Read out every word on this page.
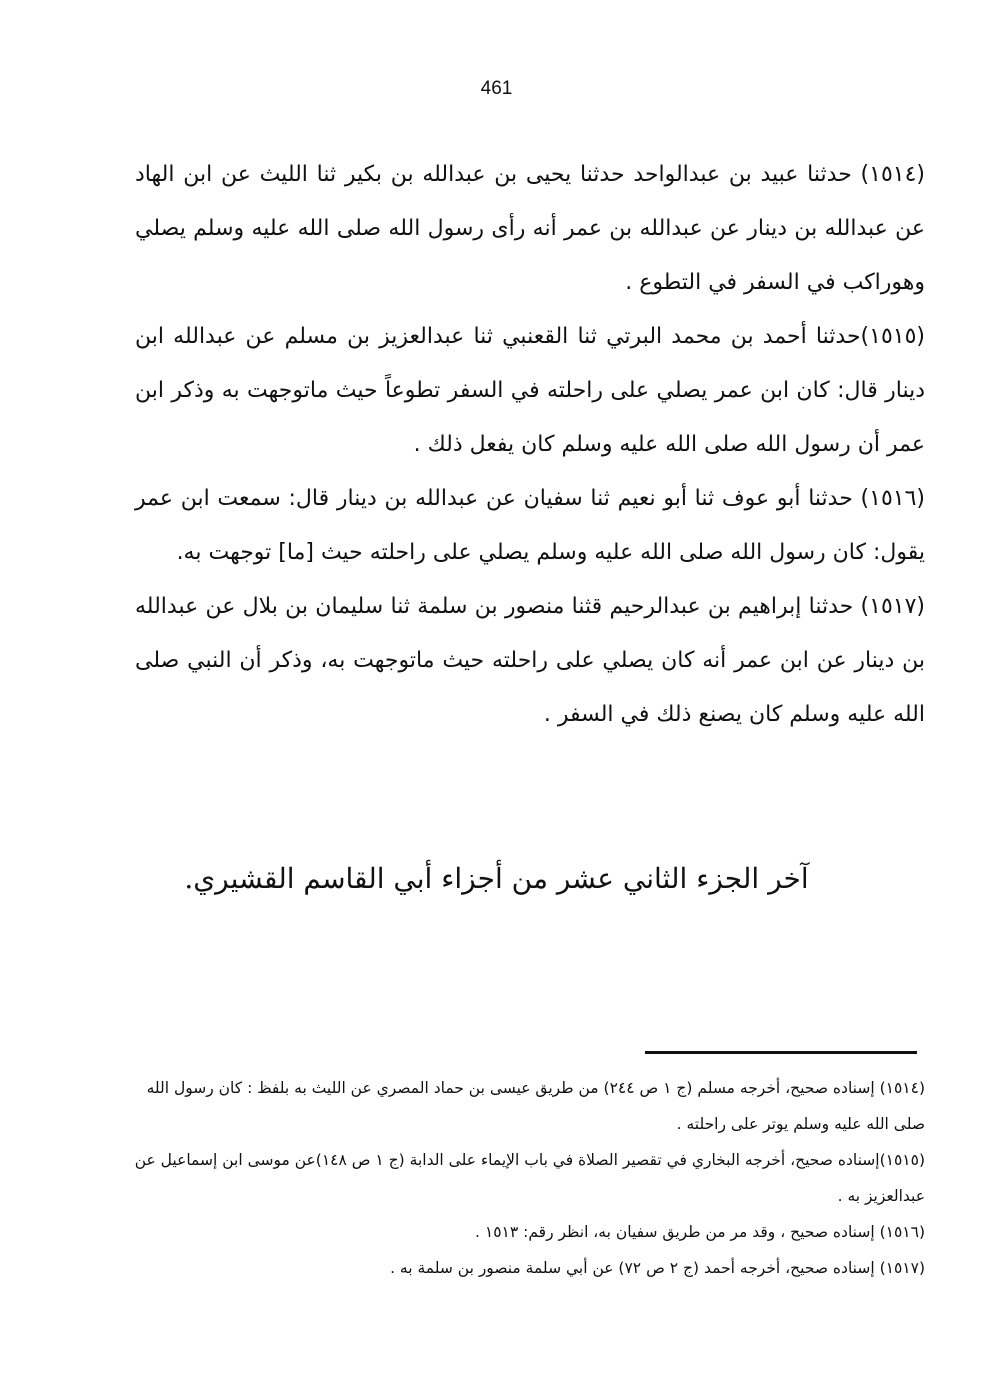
461

(١٥١٤) حدثنا عبيد بن عبدالواحد حدثنا يحيى بن عبدالله بن بكير ثنا الليث عن ابن الهاد عن عبدالله بن دينار عن عبدالله بن عمر أنه رأى رسول الله صلى الله عليه وسلم يصلي وهوراكب في السفر في التطوع .

(١٥١٥)حدثنا أحمد بن محمد البرتي ثنا القعنبي ثنا عبدالعزيز بن مسلم عن عبدالله ابن دينار قال: كان ابن عمر يصلي على راحلته في السفر تطوعاً حيث ماتوجهت به وذكر ابن عمر أن رسول الله صلى الله عليه وسلم كان يفعل ذلك .

(١٥١٦) حدثنا أبو عوف ثنا أبو نعيم ثنا سفيان عن عبدالله بن دينار قال: سمعت ابن عمر يقول: كان رسول الله صلى الله عليه وسلم يصلي على راحلته حيث [ما] توجهت به.

(١٥١٧) حدثنا إبراهيم بن عبدالرحيم قثنا منصور بن سلمة ثنا سليمان بن بلال عن عبدالله بن دينار عن ابن عمر أنه كان يصلي على راحلته حيث ماتوجهت به، وذكر أن النبي صلى الله عليه وسلم كان يصنع ذلك في السفر .

آخر الجزء الثاني عشر من أجزاء أبي القاسم القشيري.

(١٥١٤) إسناده صحيح، أخرجه مسلم (ج ١ ص ٢٤٤) من طريق عيسى بن حماد المصري عن الليث به بلفظ : كان رسول الله صلى الله عليه وسلم يوتر على راحلته .

(١٥١٥)إسناده صحيح، أخرجه البخاري في تقصير الصلاة في باب الإيماء على الدابة (ج ١ ص ١٤٨)عن موسى ابن إسماعيل عن عبدالعزيز به .

(١٥١٦) إسناده صحيح ، وقد مر من طريق سفيان به، انظر رقم: ١٥١٣ .

(١٥١٧) إسناده صحيح، أخرجه أحمد (ج ٢ ص ٧٢) عن أبي سلمة منصور بن سلمة به .
